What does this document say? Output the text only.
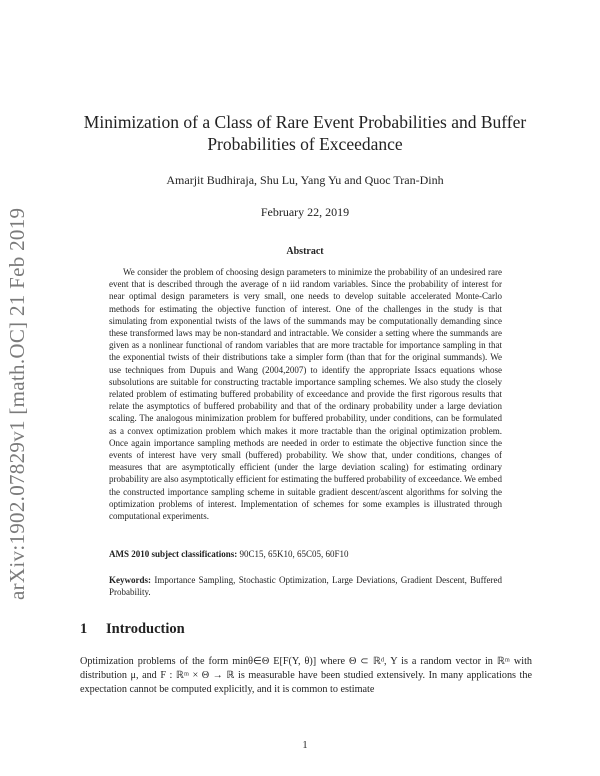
arXiv:1902.07829v1 [math.OC] 21 Feb 2019
Minimization of a Class of Rare Event Probabilities and Buffer
Probabilities of Exceedance
Amarjit Budhiraja, Shu Lu, Yang Yu and Quoc Tran-Dinh
February 22, 2019
Abstract
We consider the problem of choosing design parameters to minimize the probability of an undesired rare event that is described through the average of n iid random variables. Since the probability of interest for near optimal design parameters is very small, one needs to develop suitable accelerated Monte-Carlo methods for estimating the objective function of interest. One of the challenges in the study is that simulating from exponential twists of the laws of the summands may be computationally demanding since these transformed laws may be non-standard and intractable. We consider a setting where the summands are given as a nonlinear functional of random variables that are more tractable for importance sampling in that the exponential twists of their distributions take a simpler form (than that for the original summands). We use techniques from Dupuis and Wang (2004,2007) to identify the appropriate Issacs equations whose subsolutions are suitable for constructing tractable importance sampling schemes. We also study the closely related problem of estimating buffered probability of exceedance and provide the first rigorous results that relate the asymptotics of buffered probability and that of the ordinary probability under a large deviation scaling. The analogous minimization problem for buffered probability, under conditions, can be formulated as a convex optimization problem which makes it more tractable than the original optimization problem. Once again importance sampling methods are needed in order to estimate the objective function since the events of interest have very small (buffered) probability. We show that, under conditions, changes of measures that are asymptotically efficient (under the large deviation scaling) for estimating ordinary probability are also asymptotically efficient for estimating the buffered probability of exceedance. We embed the constructed importance sampling scheme in suitable gradient descent/ascent algorithms for solving the optimization problems of interest. Implementation of schemes for some examples is illustrated through computational experiments.
AMS 2010 subject classifications: 90C15, 65K10, 65C05, 60F10
Keywords: Importance Sampling, Stochastic Optimization, Large Deviations, Gradient Descent, Buffered Probability.
1 Introduction
Optimization problems of the form minθ∈Θ E[F(Y, θ)] where Θ ⊂ ℝᵈ, Y is a random vector in ℝᵐ with distribution μ, and F : ℝᵐ × Θ → ℝ is measurable have been studied extensively. In many applications the expectation cannot be computed explicitly, and it is common to estimate
1
